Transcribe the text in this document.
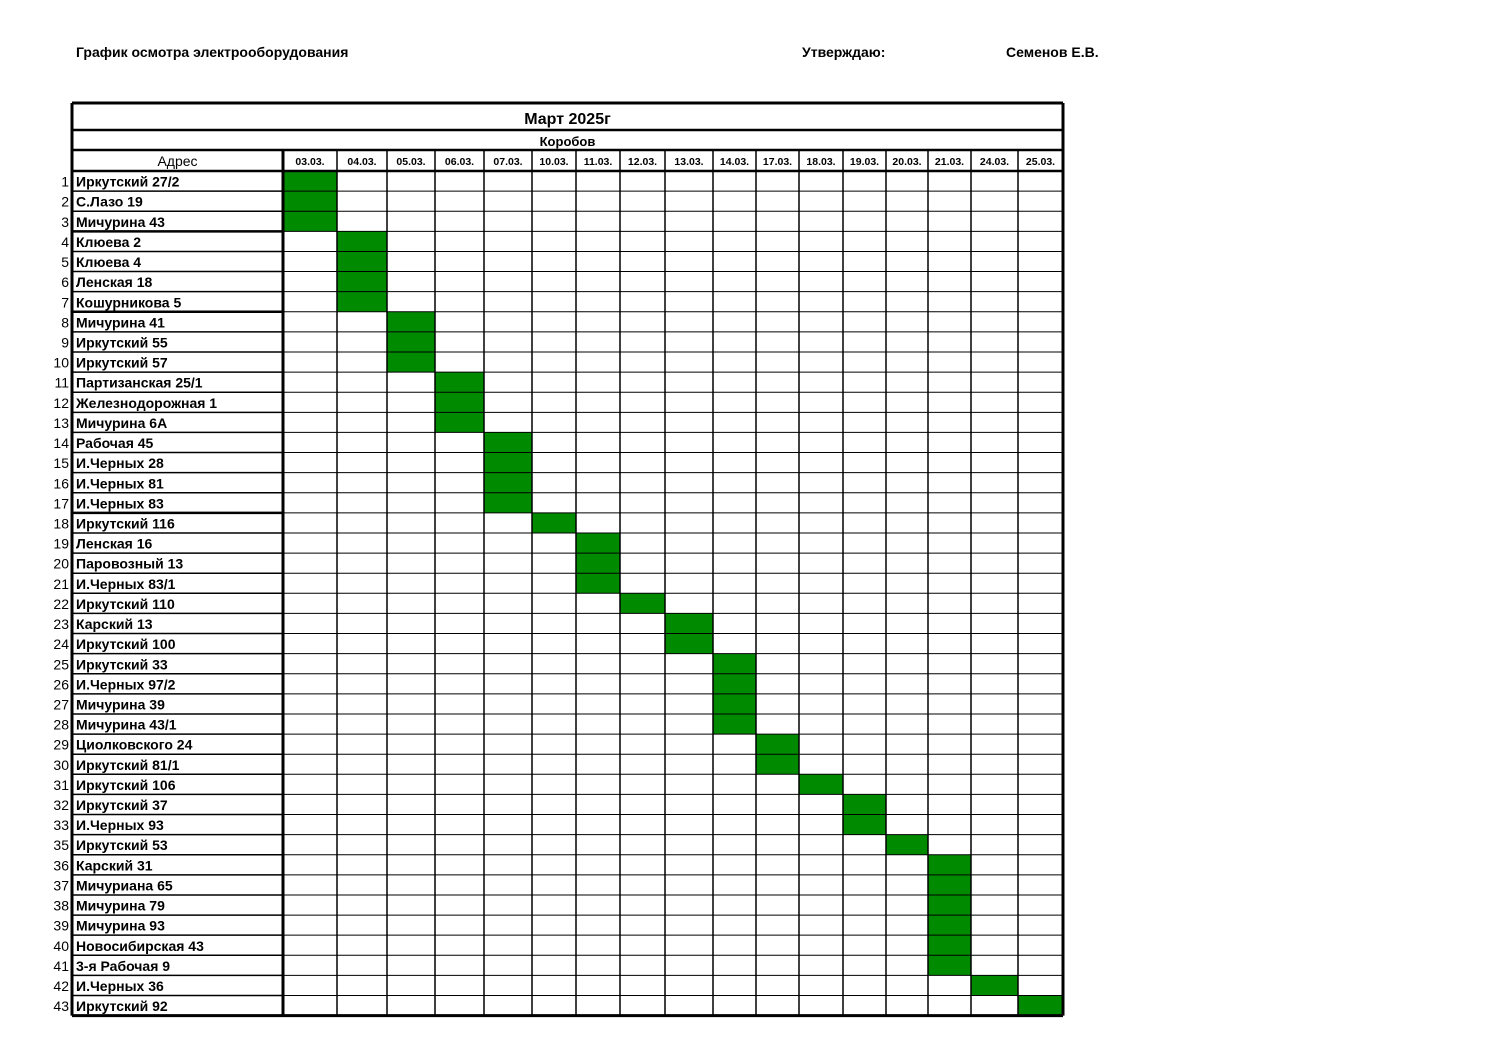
График осмотра электрооборудования	Утверждаю:	Семенов Е.В.
Март 2025г
Коробов
Адрес	03.03. 04.03. 05.03. 06.03. 07.03. 10.03. 11.03. 12.03. 13.03. 14.03. 17.03. 18.03. 19.03. 20.03. 21.03. 24.03. 25.03.
1 Иркутский 27/2
2 С.Лазо 19
3 Мичурина 43
4 Клюева 2
5 Клюева 4
6 Ленская 18
7 Кошурникова 5
8 Мичурина 41
9 Иркутский 55
10 Иркутский 57
11 Партизанская 25/1
12 Железнодорожная 1
13 Мичурина 6А
14 Рабочая 45
15 И.Черных 28
16 И.Черных 81
17 И.Черных 83
18 Иркутский 116
19 Ленская 16
20 Паровозный 13
21 И.Черных 83/1
22 Иркутский 110
23 Карский 13
24 Иркутский 100
25 Иркутский 33
26 И.Черных 97/2
27 Мичурина 39
28 Мичурина 43/1
29 Циолковского 24
30 Иркутский 81/1
31 Иркутский 106
32 Иркутский 37
33 И.Черных 93
35 Иркутский 53
36 Карский 31
37 Мичуриана 65
38 Мичурина 79
39 Мичурина 93
40 Новосибирская 43
41 3-я Рабочая 9
42 И.Черных 36
43 Иркутский 92
